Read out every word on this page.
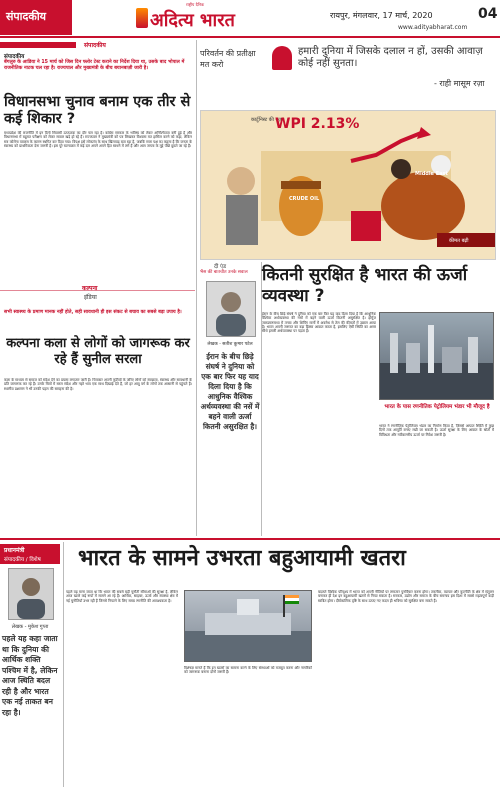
संपादकीय
राष्ट्रीय दैनिक
अदित्य भारत	रायपुर, मंगलवार, 17 मार्च, 2020	04
www.adityabharat.com
संपादकीय
संपादकीय
बेंगलुरु के आडिया ने 15 मार्च को जिस दिन फ्लोर टेस्ट कराने का निर्देश दिया था, उसके बाद भोपाल में राजनीतिक नाटक चल रहा है। राज्यपाल और मुख्यमंत्री के बीच बयानबाज़ी जारी है।
विधानसभा चुनाव बनाम एक तीर से कई शिकार ?

मध्यप्रदेश की राजनीति में इन दिनों सियासी उठापटक का दौर चल रहा है। कांग्रेस सरकार के भविष्य को लेकर अनिश्चितता बनी हुई है और विधानसभा में बहुमत परीक्षण को लेकर सवाल खड़े हो रहे हैं। राज्यपाल ने मुख्यमंत्री को पत्र लिखकर विश्वास मत हासिल करने को कहा, लेकिन सत्र कोरोना वायरस के कारण स्थगित कर दिया गया। विपक्ष इसे लोकतंत्र के साथ खिलवाड़ बता रहा है, जबकि सत्ता पक्ष का कहना है कि जनता के स्वास्थ्य को प्राथमिकता देना जरूरी है। इस पूरे घटनाक्रम में कई दल अपने अपने हित साधने में लगे हैं और आम जनता के मुद्दे पीछे छूटते जा रहे हैं।

कल्पना
इंडिया
सभी स्वास्थ्य के प्रमाण मानक नहीं होते, सही सावधानी ही इस संकट से बचाव का सबसे बड़ा उपाय है।
कल्पना कला से लोगों को जागरूक कर रहे हैं सुनील सरला

कला के माध्यम से समाज को संदेश देने का प्रयास लगातार जारी है। चित्रकार अपनी कृतियों के जरिए लोगों को स्वच्छता, स्वास्थ्य और सावधानी के प्रति जागरूक कर रहे हैं। उनके चित्रों में सरल संदेश और गहरे भाव एक साथ दिखाई देते हैं, जो हर आयु वर्ग के लोगों तक आसानी से पहुंचते हैं। स्थानीय प्रशासन ने भी उनकी पहल की सराहना की है।

परिवर्तन की प्रतीक्षा मत करो
हमारी दुनिया में जिसके दलाल न हों, उसकी आवाज़ कोई नहीं सुनता।
- राही मासूम रज़ा
कार्टूनिस्ट की नज़र
WPI 2.13%
CRUDE OIL
Middle East
कीमत बढ़ी
दी एंड
भैस की बातचीत उनके सवाल
लेखक - सतीश कुमार पटेल
ईरान के बीच छिड़े संघर्ष ने दुनिया को एक बार फिर यह याद दिला दिया है कि आधुनिक वैश्विक अर्थव्यवस्था की नसें में बहने वाली ऊर्जा कितनी असुरक्षित है।
कितनी सुरक्षित है भारत की ऊर्जा व्यवस्था ?

ईरान के बीच छिड़े संघर्ष ने दुनिया को एक बार फिर यह याद दिला दिया है कि आधुनिक वैश्विक अर्थव्यवस्था की नसों में बहने वाली ऊर्जा कितनी असुरक्षित है। होर्मुज जलडमरूमध्य में तनाव और शिपिंग मार्गों में अवरोध से तेल की कीमतों में उछाल आया है। भारत अपनी जरूरत का बड़ा हिस्सा आयात करता है, इसलिए ऐसी स्थिति का असर सीधे हमारी अर्थव्यवस्था पर पड़ता है।

भारत के पास रणनीतिक पेट्रोलियम भंडार भी मौजूद है

भारत ने रणनीतिक पेट्रोलियम भंडार का निर्माण किया है, जिससे आपात स्थिति में कुछ दिनों तक आपूर्ति बनाए रखी जा सकती है। ऊर्जा सुरक्षा के लिए आयात के स्रोतों में विविधता और नवीकरणीय ऊर्जा पर निवेश जरूरी है।

प्रधानमंत्री
संपादकीय / विशेष
लेखक - मुकेश गुप्ता
पहले यह कहा जाता था कि दुनिया की आर्थिक शक्ति पश्चिम में है, लेकिन आज स्थिति बदल रही है और भारत एक नई ताकत बन रहा है।
भारत के सामने उभरता बहुआयामी खतरा

पहले यह माना जाता था कि भारत की सबसे बड़ी चुनौती सीमाओं की सुरक्षा है, लेकिन आज खतरे कई रूपों में सामने आ रहे हैं। आर्थिक, साइबर, ऊर्जा और स्वास्थ्य क्षेत्र में नई चुनौतियाँ उभर रही हैं जिनसे निपटने के लिए समग्र रणनीति की आवश्यकता है।

विशेषज्ञ मानते हैं कि इन खतरों का सामना करने के लिए संस्थाओं को मजबूत करना और नागरिकों को जागरूक बनाना दोनों जरूरी हैं।

बदलते वैश्विक परिदृश्य में भारत को अपनी नीतियों पर लगातार पुनर्विचार करना होगा। तकनीक, व्यापार और कूटनीति के क्षेत्र में संतुलन बनाकर ही देश इन बहुआयामी खतरों से निपट सकता है। सरकार, उद्योग और समाज के बीच समन्वय इस दिशा में सबसे महत्वपूर्ण कड़ी साबित होगा। दीर्घकालिक दृष्टि के साथ उठाए गए कदम ही भविष्य को सुरक्षित बना सकते हैं।
